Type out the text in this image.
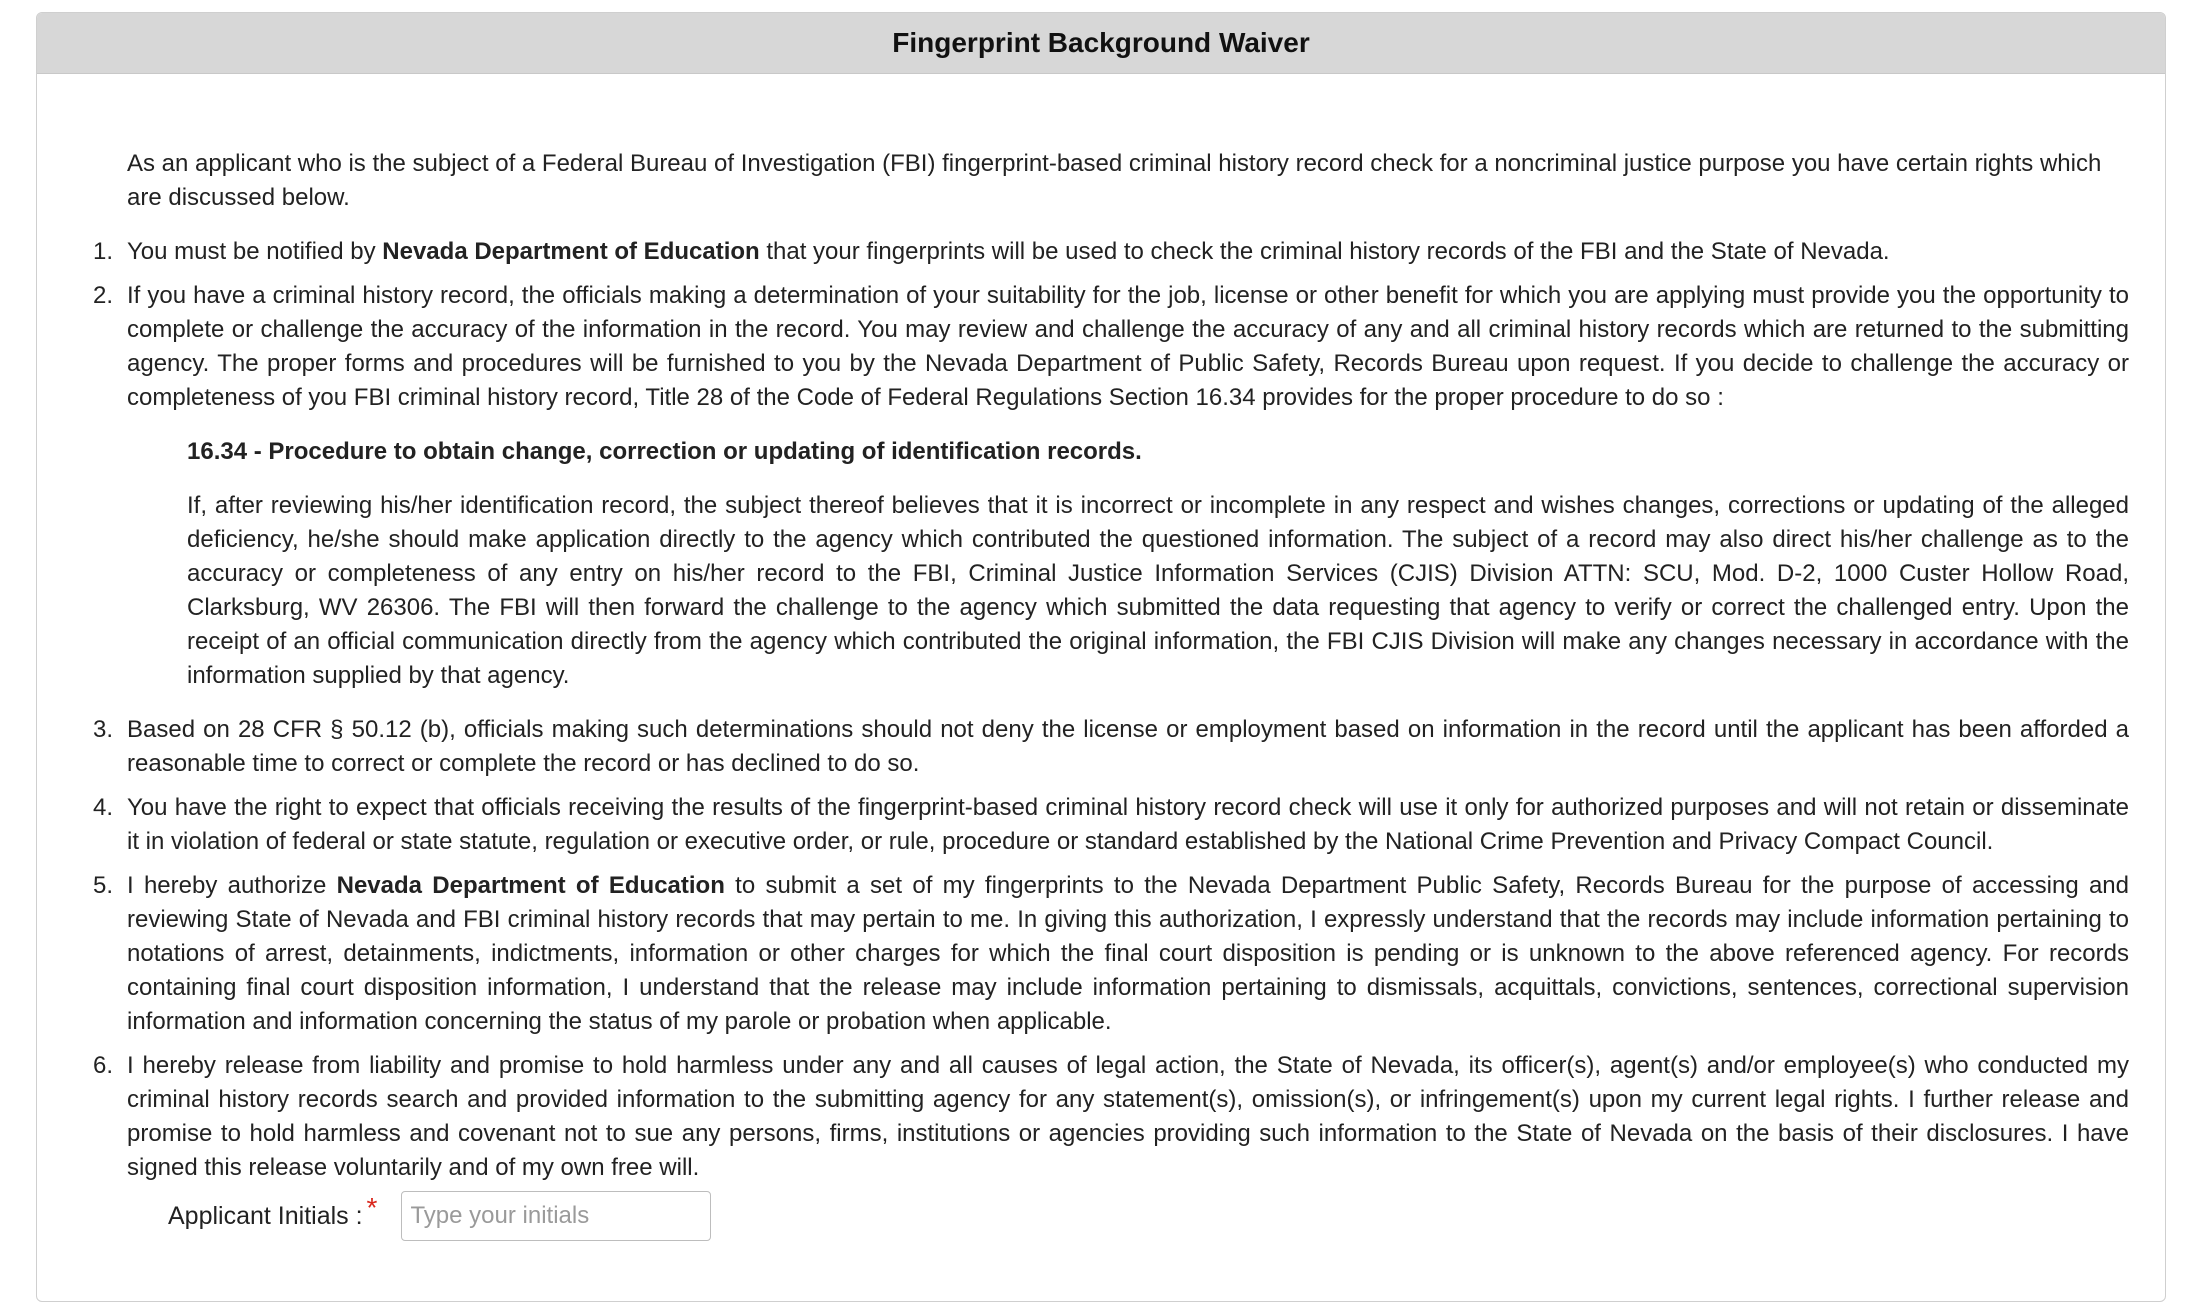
Fingerprint Background Waiver
As an applicant who is the subject of a Federal Bureau of Investigation (FBI) fingerprint-based criminal history record check for a noncriminal justice purpose you have certain rights which are discussed below.
1. You must be notified by Nevada Department of Education that your fingerprints will be used to check the criminal history records of the FBI and the State of Nevada.
2. If you have a criminal history record, the officials making a determination of your suitability for the job, license or other benefit for which you are applying must provide you the opportunity to complete or challenge the accuracy of the information in the record. You may review and challenge the accuracy of any and all criminal history records which are returned to the submitting agency. The proper forms and procedures will be furnished to you by the Nevada Department of Public Safety, Records Bureau upon request. If you decide to challenge the accuracy or completeness of you FBI criminal history record, Title 28 of the Code of Federal Regulations Section 16.34 provides for the proper procedure to do so :
16.34 - Procedure to obtain change, correction or updating of identification records.
If, after reviewing his/her identification record, the subject thereof believes that it is incorrect or incomplete in any respect and wishes changes, corrections or updating of the alleged deficiency, he/she should make application directly to the agency which contributed the questioned information. The subject of a record may also direct his/her challenge as to the accuracy or completeness of any entry on his/her record to the FBI, Criminal Justice Information Services (CJIS) Division ATTN: SCU, Mod. D-2, 1000 Custer Hollow Road, Clarksburg, WV 26306. The FBI will then forward the challenge to the agency which submitted the data requesting that agency to verify or correct the challenged entry. Upon the receipt of an official communication directly from the agency which contributed the original information, the FBI CJIS Division will make any changes necessary in accordance with the information supplied by that agency.
3. Based on 28 CFR § 50.12 (b), officials making such determinations should not deny the license or employment based on information in the record until the applicant has been afforded a reasonable time to correct or complete the record or has declined to do so.
4. You have the right to expect that officials receiving the results of the fingerprint-based criminal history record check will use it only for authorized purposes and will not retain or disseminate it in violation of federal or state statute, regulation or executive order, or rule, procedure or standard established by the National Crime Prevention and Privacy Compact Council.
5. I hereby authorize Nevada Department of Education to submit a set of my fingerprints to the Nevada Department Public Safety, Records Bureau for the purpose of accessing and reviewing State of Nevada and FBI criminal history records that may pertain to me. In giving this authorization, I expressly understand that the records may include information pertaining to notations of arrest, detainments, indictments, information or other charges for which the final court disposition is pending or is unknown to the above referenced agency. For records containing final court disposition information, I understand that the release may include information pertaining to dismissals, acquittals, convictions, sentences, correctional supervision information and information concerning the status of my parole or probation when applicable.
6. I hereby release from liability and promise to hold harmless under any and all causes of legal action, the State of Nevada, its officer(s), agent(s) and/or employee(s) who conducted my criminal history records search and provided information to the submitting agency for any statement(s), omission(s), or infringement(s) upon my current legal rights. I further release and promise to hold harmless and covenant not to sue any persons, firms, institutions or agencies providing such information to the State of Nevada on the basis of their disclosures. I have signed this release voluntarily and of my own free will.
Applicant Initials : *
Type your initials
